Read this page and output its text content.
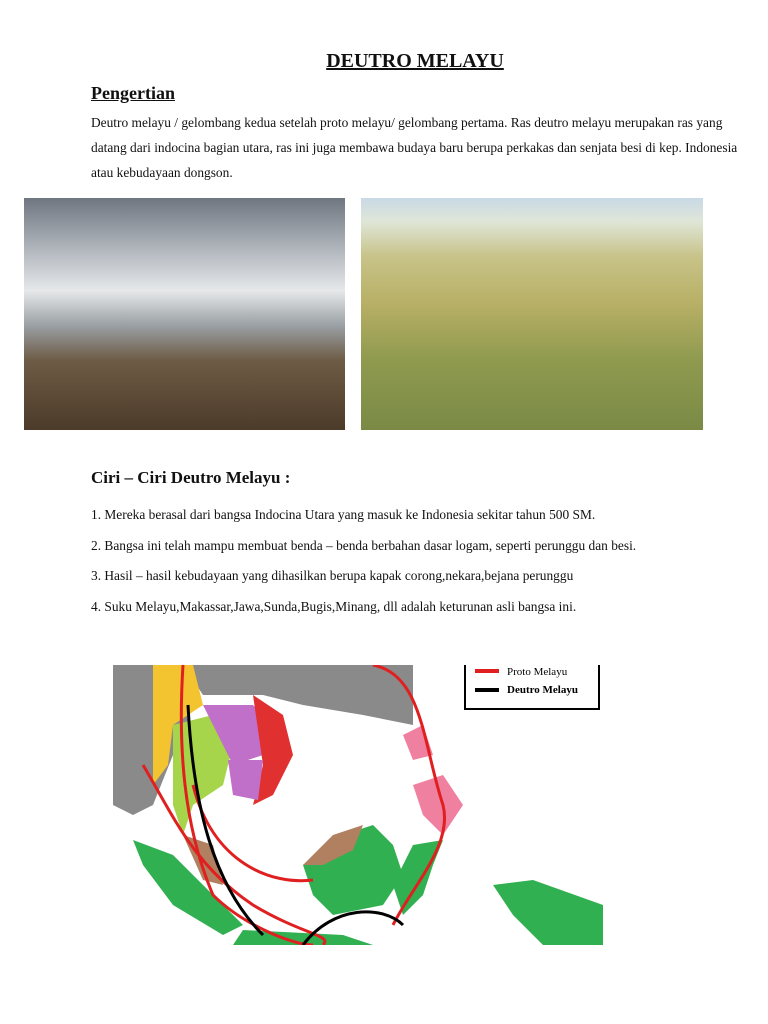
DEUTRO MELAYU
Pengertian
Deutro melayu / gelombang kedua setelah proto melayu/ gelombang pertama. Ras deutro melayu merupakan ras yang datang dari indocina bagian utara, ras ini juga membawa budaya baru berupa perkakas dan senjata besi di kep. Indonesia atau kebudayaan dongson.
Ciri – Ciri Deutro Melayu :
1. Mereka berasal dari bangsa Indocina Utara yang masuk ke Indonesia sekitar tahun 500 SM.
2. Bangsa ini telah mampu membuat benda – benda berbahan dasar logam, seperti perunggu dan besi.
3. Hasil – hasil kebudayaan yang dihasilkan berupa kapak corong,nekara,bejana perunggu
4. Suku Melayu,Makassar,Jawa,Sunda,Bugis,Minang, dll adalah keturunan asli bangsa ini.
Proto Melayu
Deutro Melayu
